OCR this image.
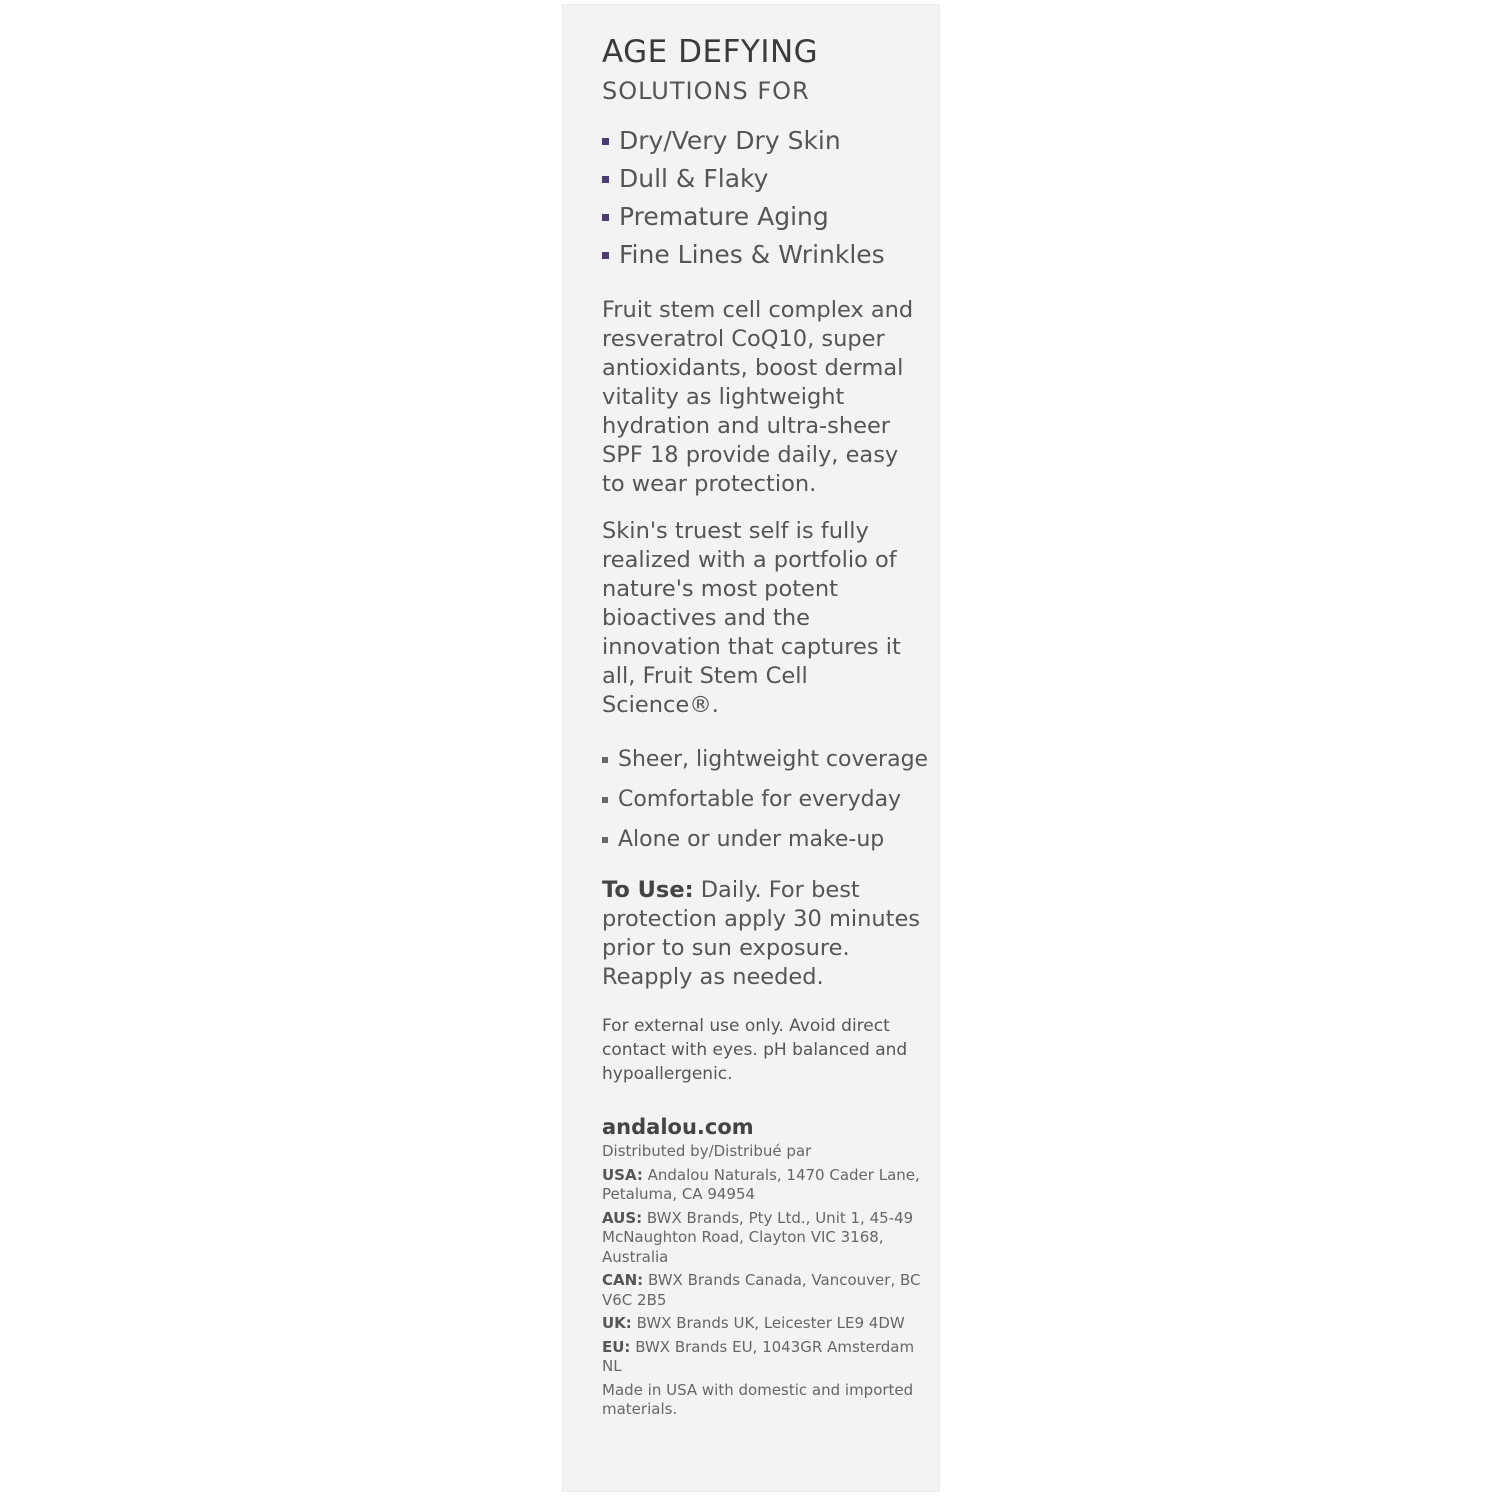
AGE DEFYING
SOLUTIONS FOR
Dry/Very Dry Skin
Dull & Flaky
Premature Aging
Fine Lines & Wrinkles

Fruit stem cell complex and resveratrol CoQ10, super antioxidants, boost dermal vitality as lightweight hydration and ultra-sheer SPF 18 provide daily, easy to wear protection.

Skin's truest self is fully realized with a portfolio of nature's most potent bioactives and the innovation that captures it all, Fruit Stem Cell Science®.

Sheer, lightweight coverage
Comfortable for everyday
Alone or under make-up

To Use: Daily. For best protection apply 30 minutes prior to sun exposure. Reapply as needed.

For external use only. Avoid direct contact with eyes. pH balanced and hypoallergenic.

andalou.com

Distributed by/Distribué par

USA: Andalou Naturals, 1470 Cader Lane, Petaluma, CA 94954

AUS: BWX Brands, Pty Ltd., Unit 1, 45-49 McNaughton Road, Clayton VIC 3168, Australia

CAN: BWX Brands Canada, Vancouver, BC V6C 2B5

UK: BWX Brands UK, Leicester LE9 4DW

EU: BWX Brands EU, 1043GR Amsterdam NL

Made in USA with domestic and imported materials.
